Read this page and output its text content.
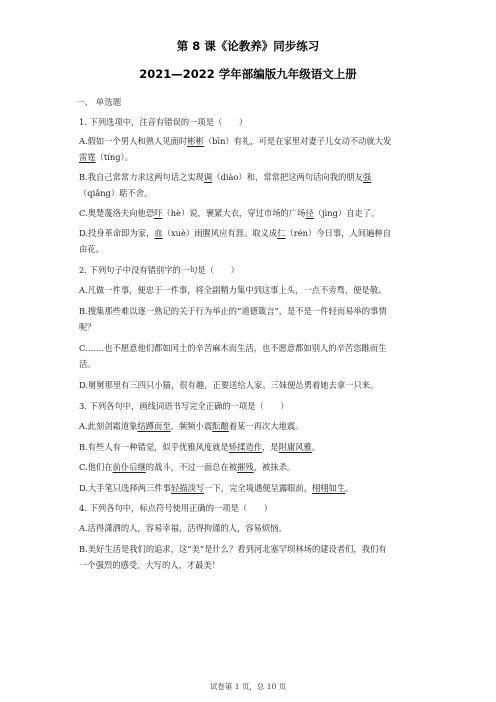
第 8 课《论教养》同步练习
2021—2022 学年部编版九年级语文上册
一、 单选题
1. 下列选项中，注音有错误的一项是（　　）
A.假如一个男人和熟人见面时彬彬（bīn）有礼，可是在家里对妻子儿女动不动就大发
雷霆（tíng）。
B.我自己常常力求这两句话之实现调（diào）和，常常把这两句话向我的朋友强
（qiǎng）聒不舍。
C.奥楚蔑洛夫向他恐吓（hè）说，裹紧大衣，穿过市场的广场径（jìng）自走了。
D.投身革命即为家，血（xuè）雨腥风应有涯。取义成仁（rén）今日事，人间遍种自
由花。
2. 下列句子中没有错别字的一句是（　　）
A.凡做一件事，便忠于一件事，将全副精力集中到这事上头，一点不旁骛，便是敬。
B.搜集那些难以逐一熟记的关于行为举止的“道德箴言”，是不是一件轻而易举的事情
呢？
C.……也不愿意他们都如闰土的辛苦麻木而生活，也不愿意都如别人的辛苦恣睢而生
活。
D.舅舅那里有三四只小猫，很有趣，正要送给人家。三妹便怂勇着她去拿一只来。
3. 下列各句中，画线词语书写完全正确的一项是（　　）
A.此刻剑霜道象结蹲而至，频频小震酝酿着某一再次大地震。
B.有些人有一种错觉，似乎优雅风度就是矫揉造作，是附庸风雅。
C.他们在前仆后继的战斗，不过一面总在被摧残，被抹杀。
D.大手笔只选择两三件事轻描淡写一下，完全境遇便呈露眼前，栩栩如生。
4. 下列各句中，标点符号使用正确的一项是（　　）
A.活得潇洒的人，容易幸福，活得拘谨的人，容易烦恼。
B.美好生活是我们的追求，这“美”是什么？看到河北塞罕坝林场的建设者们，我们有
一个强烈的感受。大写的人，才最美！
试卷第 1 页，总 10 页
